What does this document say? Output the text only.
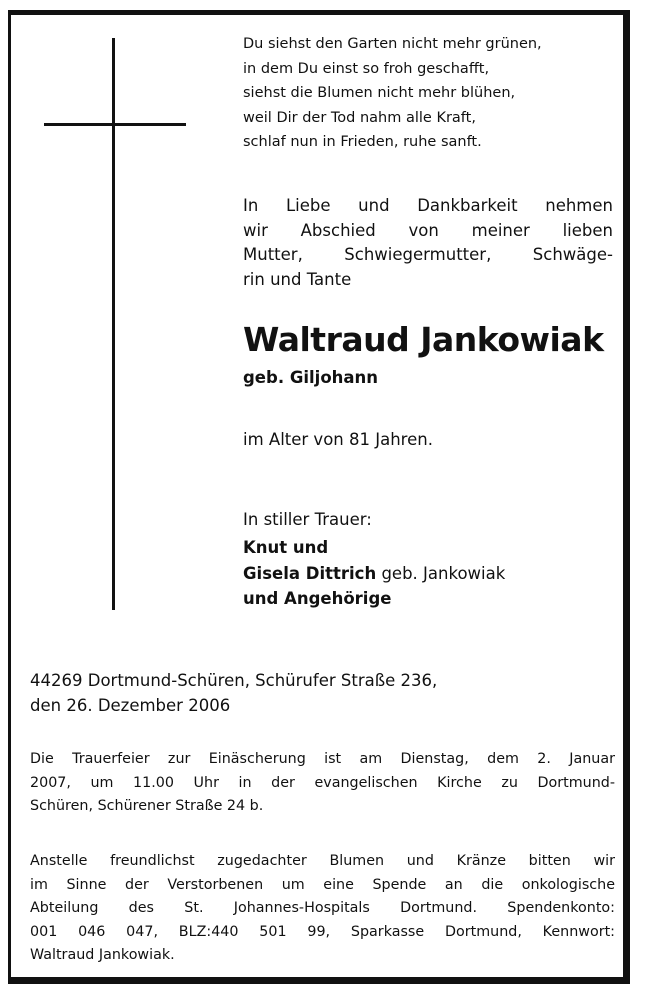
Du siehst den Garten nicht mehr grünen,
in dem Du einst so froh geschafft,
siehst die Blumen nicht mehr blühen,
weil Dir der Tod nahm alle Kraft,
schlaf nun in Frieden, ruhe sanft.
In Liebe und Dankbarkeit nehmen
wir Abschied von meiner lieben
Mutter, Schwiegermutter, Schwäge-
rin und Tante
Waltraud Jankowiak
geb. Giljohann
im Alter von 81 Jahren.
In stiller Trauer:
Knut und
Gisela Dittrich geb. Jankowiak
und Angehörige
44269 Dortmund-Schüren, Schürufer Straße 236,
den 26. Dezember 2006
Die Trauerfeier zur Einäscherung ist am Dienstag, dem 2. Januar
2007, um 11.00 Uhr in der evangelischen Kirche zu Dortmund-
Schüren, Schürener Straße 24 b.
Anstelle freundlichst zugedachter Blumen und Kränze bitten wir
im Sinne der Verstorbenen um eine Spende an die onkologische
Abteilung des St. Johannes-Hospitals Dortmund. Spendenkonto:
001 046 047, BLZ:440 501 99, Sparkasse Dortmund, Kennwort:
Waltraud Jankowiak.
